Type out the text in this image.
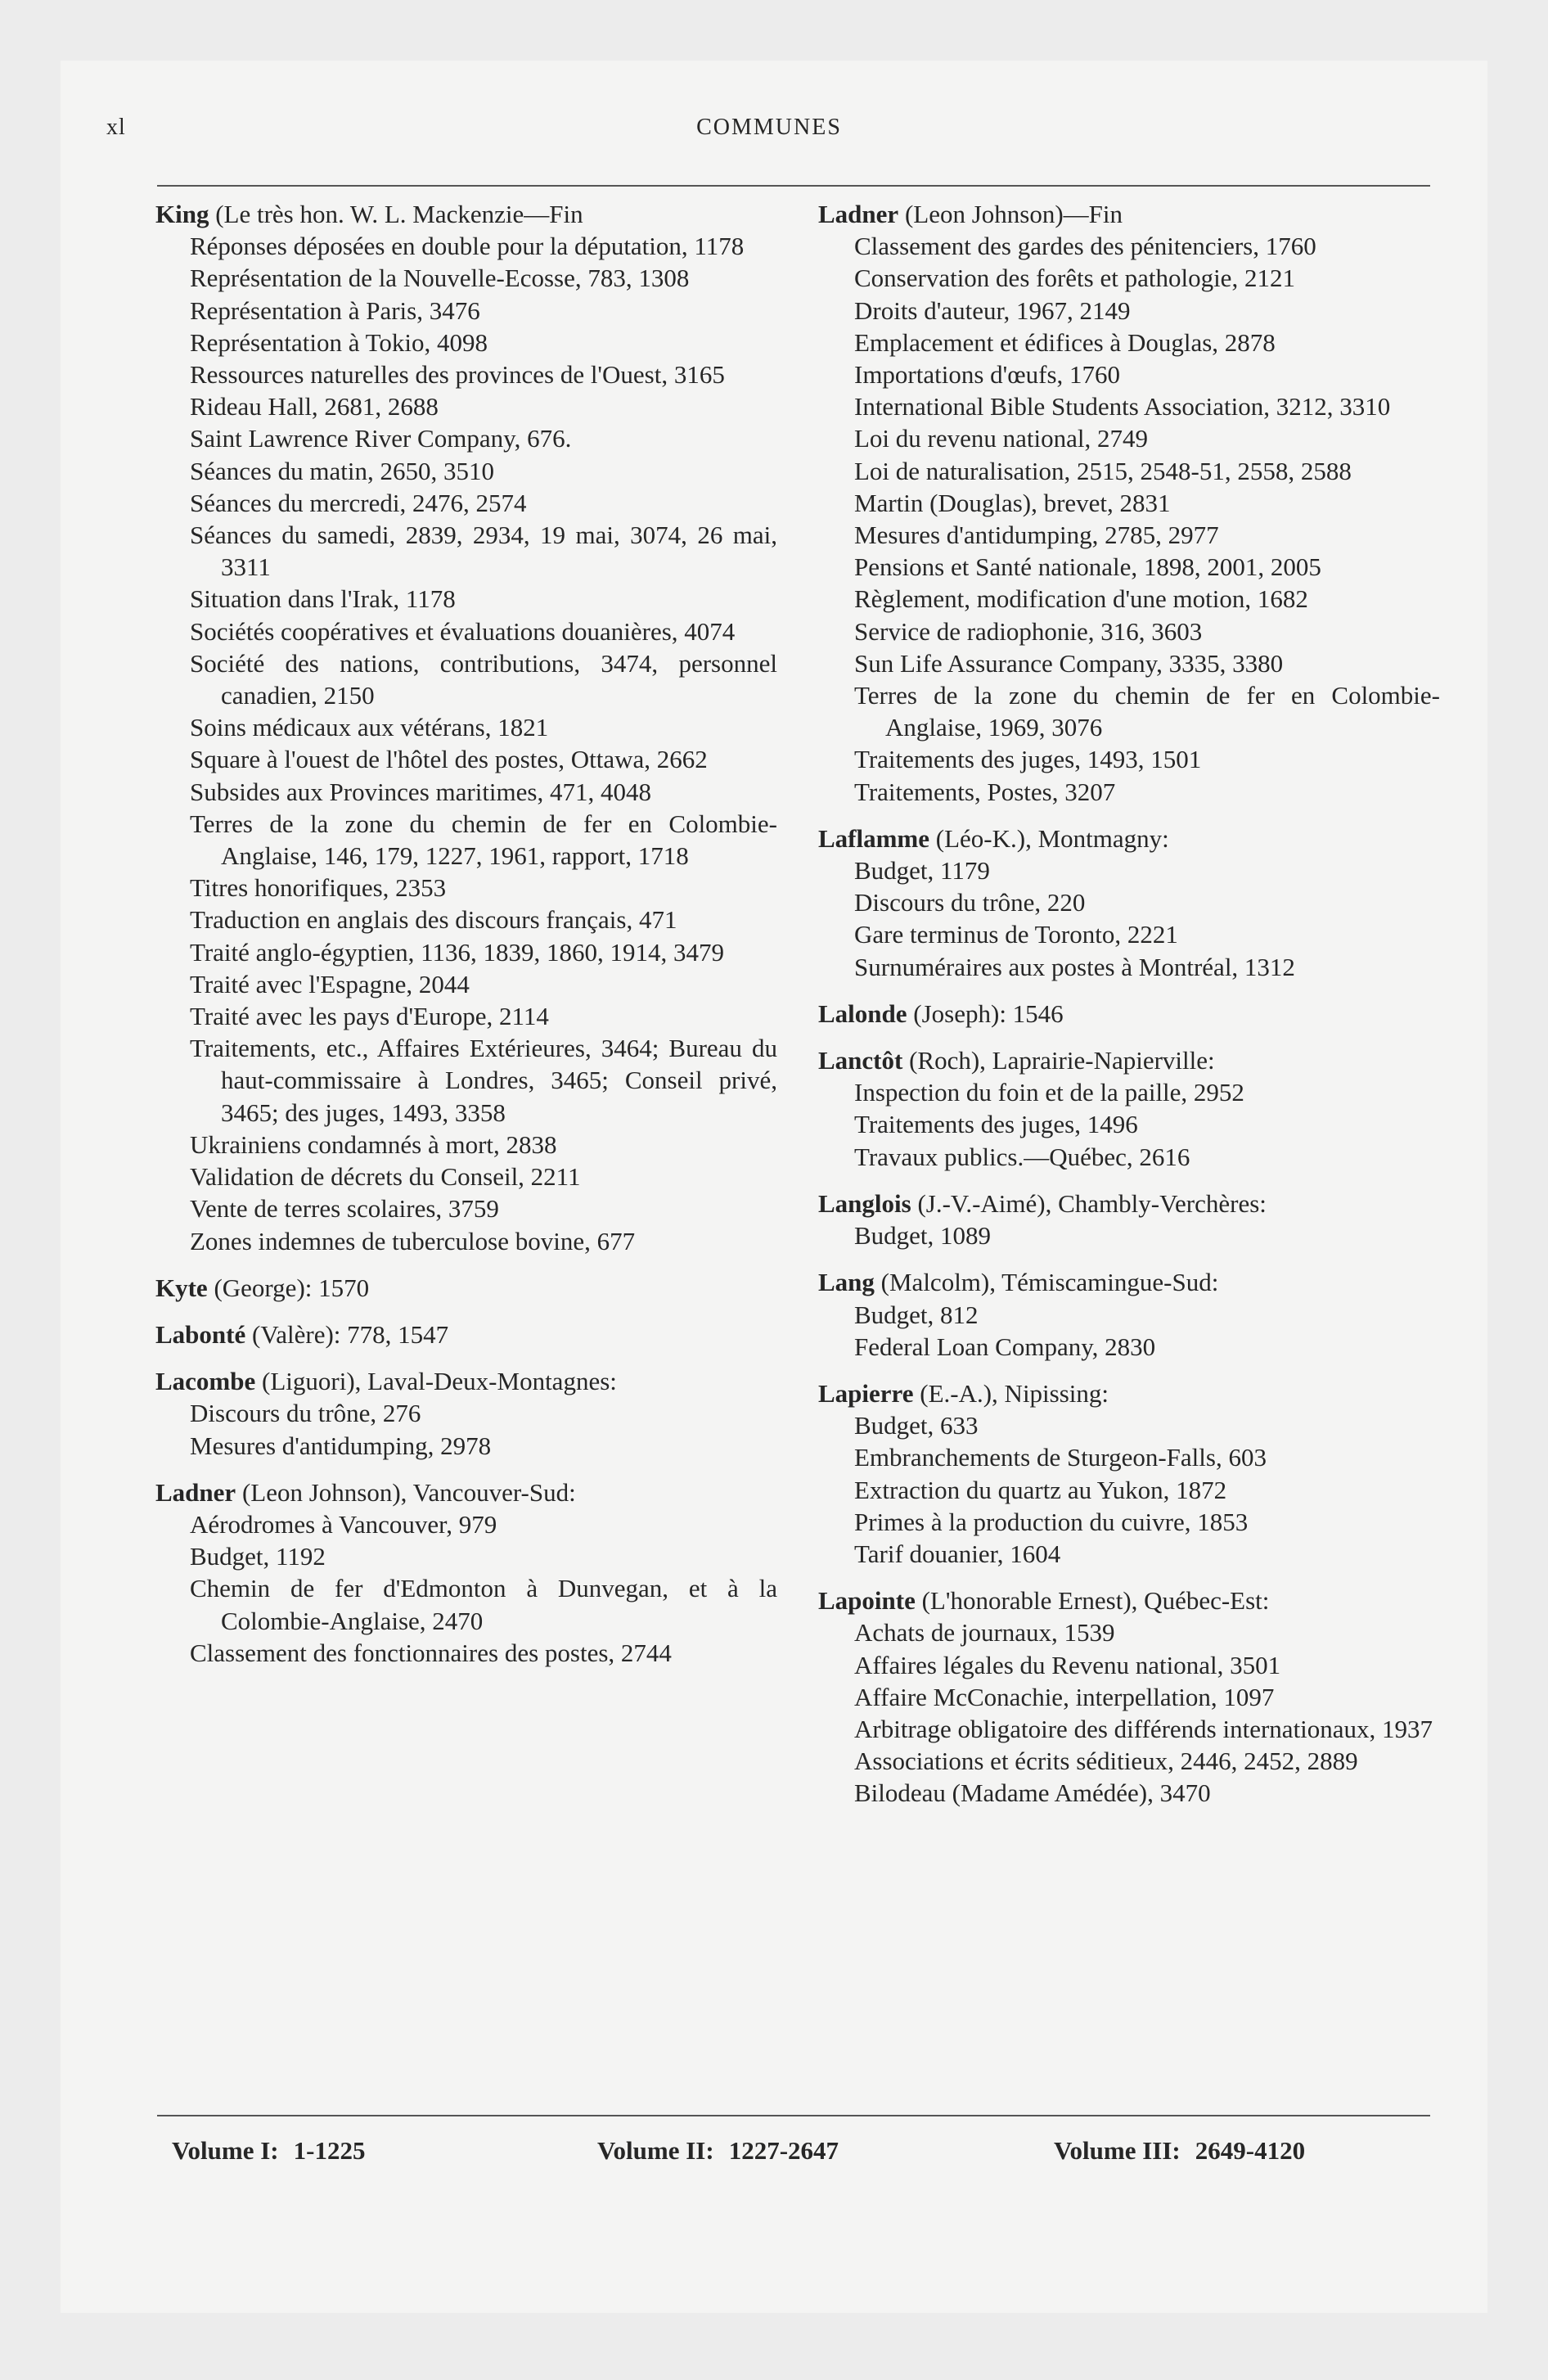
xl	COMMUNES
King (Le très hon. W. L. Mackenzie—Fin
Réponses déposées en double pour la députation, 1178
Représentation de la Nouvelle-Ecosse, 783, 1308
Représentation à Paris, 3476
Représentation à Tokio, 4098
Ressources naturelles des provinces de l'Ouest, 3165
Rideau Hall, 2681, 2688
Saint Lawrence River Company, 676.
Séances du matin, 2650, 3510
Séances du mercredi, 2476, 2574
Séances du samedi, 2839, 2934, 19 mai, 3074, 26 mai, 3311
Situation dans l'Irak, 1178
Sociétés coopératives et évaluations douanières, 4074
Société des nations, contributions, 3474, personnel canadien, 2150
Soins médicaux aux vétérans, 1821
Square à l'ouest de l'hôtel des postes, Ottawa, 2662
Subsides aux Provinces maritimes, 471, 4048
Terres de la zone du chemin de fer en Colombie-Anglaise, 146, 179, 1227, 1961, rapport, 1718
Titres honorifiques, 2353
Traduction en anglais des discours français, 471
Traité anglo-égyptien, 1136, 1839, 1860, 1914, 3479
Traité avec l'Espagne, 2044
Traité avec les pays d'Europe, 2114
Traitements, etc., Affaires Extérieures, 3464; Bureau du haut-commissaire à Londres, 3465; Conseil privé, 3465; des juges, 1493, 3358
Ukrainiens condamnés à mort, 2838
Validation de décrets du Conseil, 2211
Vente de terres scolaires, 3759
Zones indemnes de tuberculose bovine, 677
Kyte (George): 1570
Labonté (Valère): 778, 1547
Lacombe (Liguori), Laval-Deux-Montagnes:
Discours du trône, 276
Mesures d'antidumping, 2978
Ladner (Leon Johnson), Vancouver-Sud:
Aérodromes à Vancouver, 979
Budget, 1192
Chemin de fer d'Edmonton à Dunvegan, et à la Colombie-Anglaise, 2470
Classement des fonctionnaires des postes, 2744
Ladner (Leon Johnson)—Fin
Classement des gardes des pénitenciers, 1760
Conservation des forêts et pathologie, 2121
Droits d'auteur, 1967, 2149
Emplacement et édifices à Douglas, 2878
Importations d'œufs, 1760
International Bible Students Association, 3212, 3310
Loi du revenu national, 2749
Loi de naturalisation, 2515, 2548-51, 2558, 2588
Martin (Douglas), brevet, 2831
Mesures d'antidumping, 2785, 2977
Pensions et Santé nationale, 1898, 2001, 2005
Règlement, modification d'une motion, 1682
Service de radiophonie, 316, 3603
Sun Life Assurance Company, 3335, 3380
Terres de la zone du chemin de fer en Colombie-Anglaise, 1969, 3076
Traitements des juges, 1493, 1501
Traitements, Postes, 3207
Laflamme (Léo-K.), Montmagny:
Budget, 1179
Discours du trône, 220
Gare terminus de Toronto, 2221
Surnuméraires aux postes à Montréal, 1312
Lalonde (Joseph): 1546
Lanctôt (Roch), Laprairie-Napierville:
Inspection du foin et de la paille, 2952
Traitements des juges, 1496
Travaux publics.—Québec, 2616
Langlois (J.-V.-Aimé), Chambly-Verchères:
Budget, 1089
Lang (Malcolm), Témiscamingue-Sud:
Budget, 812
Federal Loan Company, 2830
Lapierre (E.-A.), Nipissing:
Budget, 633
Embranchements de Sturgeon-Falls, 603
Extraction du quartz au Yukon, 1872
Primes à la production du cuivre, 1853
Tarif douanier, 1604
Lapointe (L'honorable Ernest), Québec-Est:
Achats de journaux, 1539
Affaires légales du Revenu national, 3501
Affaire McConachie, interpellation, 1097
Arbitrage obligatoire des différends internationaux, 1937
Associations et écrits séditieux, 2446, 2452, 2889
Bilodeau (Madame Amédée), 3470
Volume I: 1-1225	Volume II: 1227-2647	Volume III: 2649-4120
